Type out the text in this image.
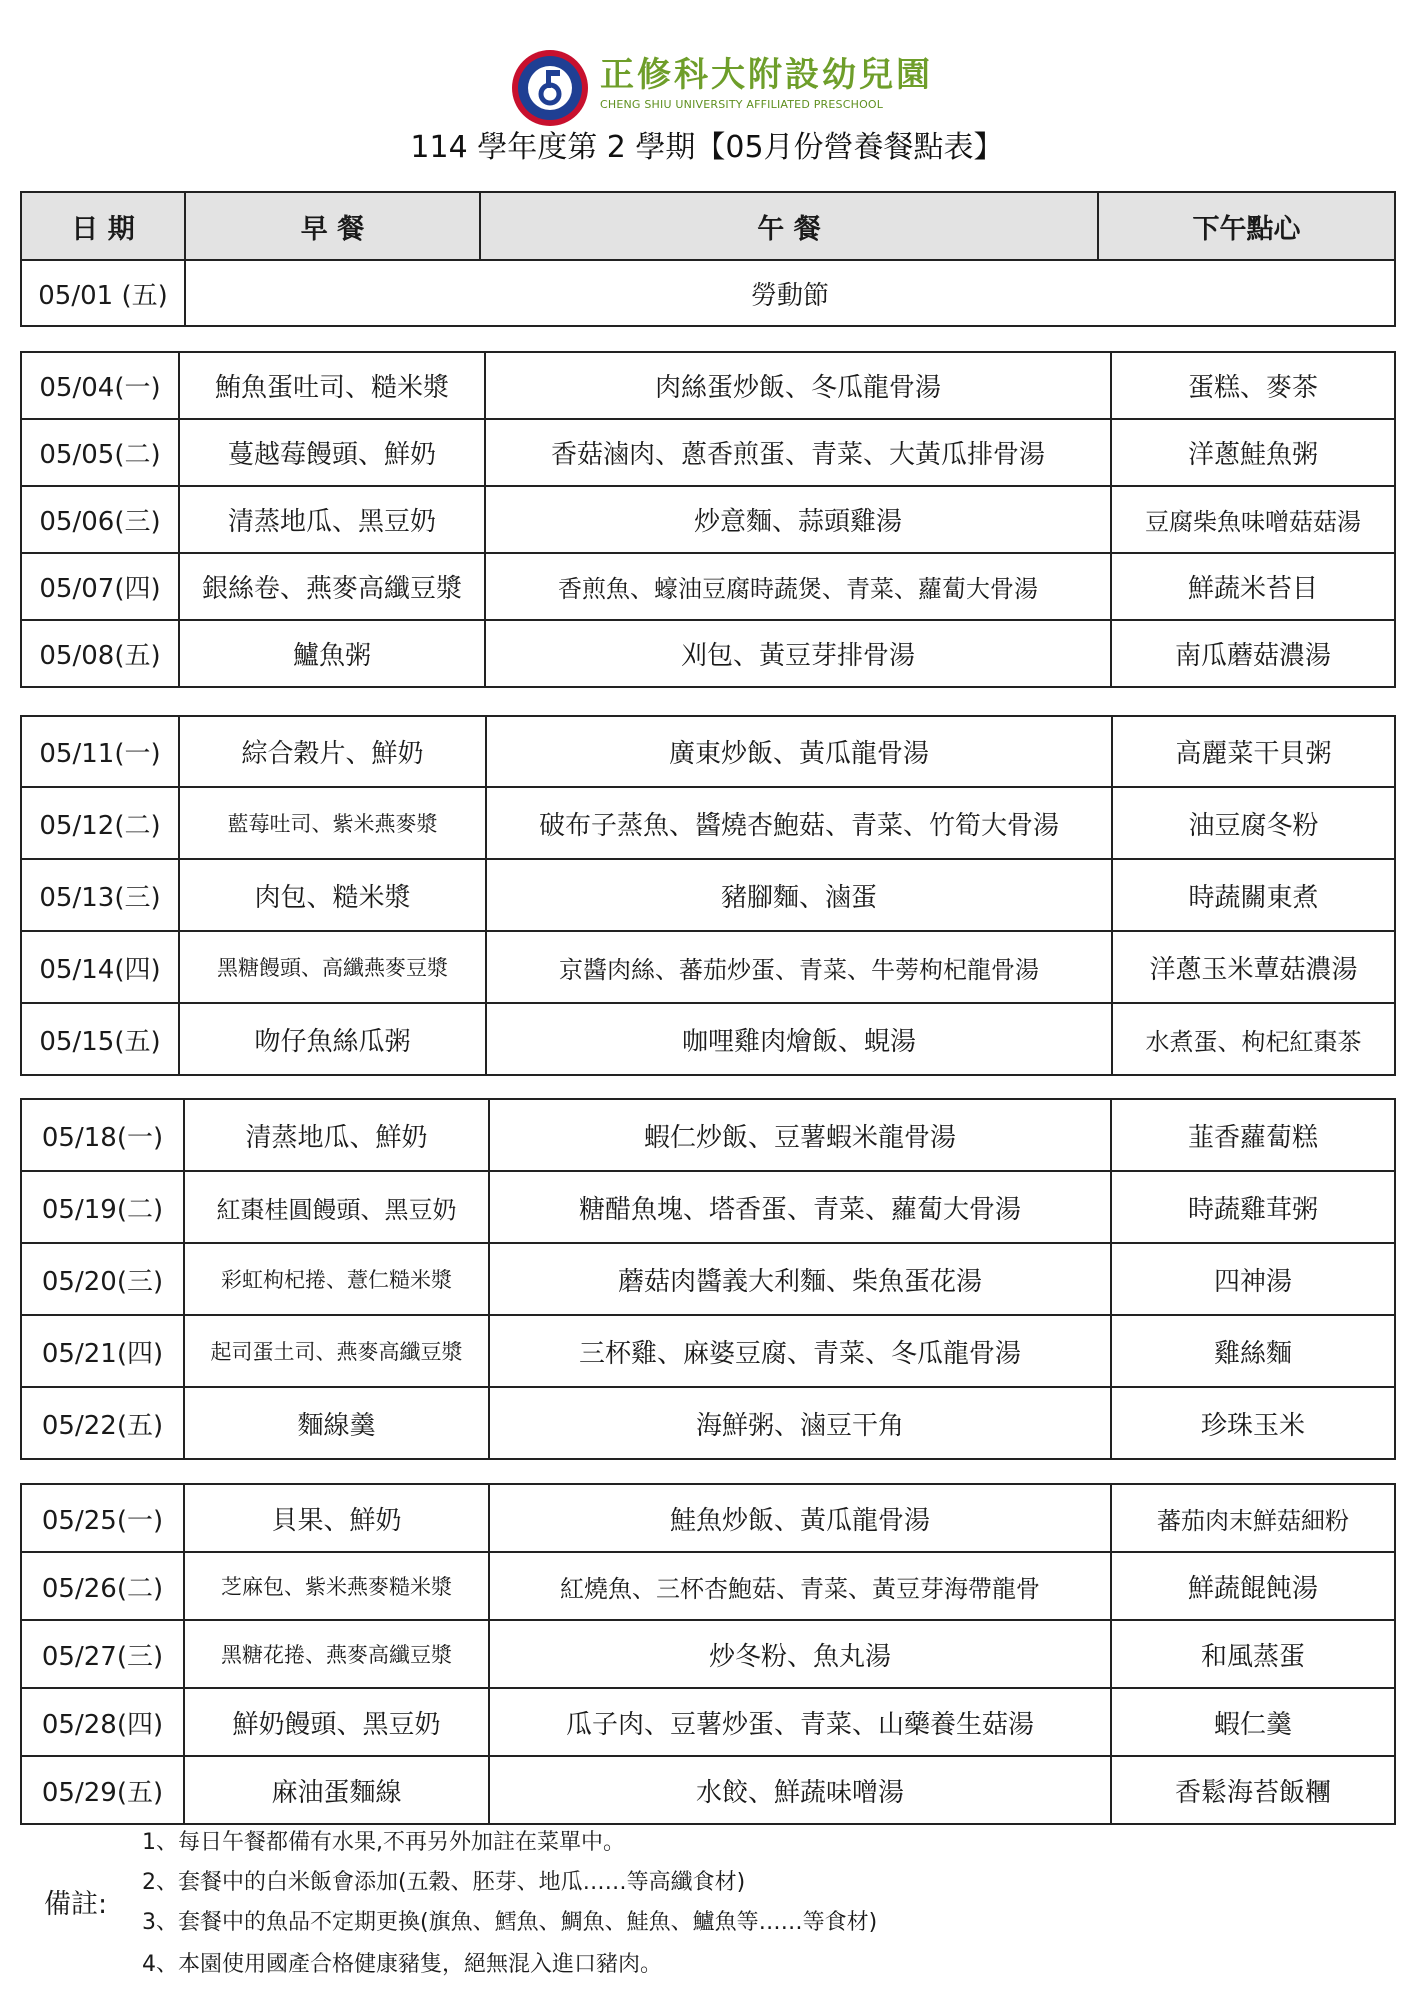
正修科大附設幼兒園
CHENG SHIU UNIVERSITY AFFILIATED PRESCHOOL
114 學年度第 2 學期【05月份營養餐點表】
日 期	早 餐	午 餐	下午點心
05/01 (五)	勞動節		
05/04(一)	鮪魚蛋吐司、糙米漿	肉絲蛋炒飯、冬瓜龍骨湯	蛋糕、麥茶
05/05(二)	蔓越莓饅頭、鮮奶	香菇滷肉、蔥香煎蛋、青菜、大黃瓜排骨湯	洋蔥鮭魚粥
05/06(三)	清蒸地瓜、黑豆奶	炒意麵、蒜頭雞湯	豆腐柴魚味噌菇菇湯
05/07(四)	銀絲卷、燕麥高纖豆漿	香煎魚、蠔油豆腐時蔬煲、青菜、蘿蔔大骨湯	鮮蔬米苔目
05/08(五)	鱸魚粥	刈包、黃豆芽排骨湯	南瓜蘑菇濃湯
05/11(一)	綜合穀片、鮮奶	廣東炒飯、黃瓜龍骨湯	高麗菜干貝粥
05/12(二)	藍莓吐司、紫米燕麥漿	破布子蒸魚、醬燒杏鮑菇、青菜、竹筍大骨湯	油豆腐冬粉
05/13(三)	肉包、糙米漿	豬腳麵、滷蛋	時蔬關東煮
05/14(四)	黑糖饅頭、高纖燕麥豆漿	京醬肉絲、蕃茄炒蛋、青菜、牛蒡枸杞龍骨湯	洋蔥玉米蕈菇濃湯
05/15(五)	吻仔魚絲瓜粥	咖哩雞肉燴飯、蜆湯	水煮蛋、枸杞紅棗茶
05/18(一)	清蒸地瓜、鮮奶	蝦仁炒飯、豆薯蝦米龍骨湯	韮香蘿蔔糕
05/19(二)	紅棗桂圓饅頭、黑豆奶	糖醋魚塊、塔香蛋、青菜、蘿蔔大骨湯	時蔬雞茸粥
05/20(三)	彩虹枸杞捲、薏仁糙米漿	蘑菇肉醬義大利麵、柴魚蛋花湯	四神湯
05/21(四)	起司蛋土司、燕麥高纖豆漿	三杯雞、麻婆豆腐、青菜、冬瓜龍骨湯	雞絲麵
05/22(五)	麵線羹	海鮮粥、滷豆干角	珍珠玉米
05/25(一)	貝果、鮮奶	鮭魚炒飯、黃瓜龍骨湯	蕃茄肉末鮮菇細粉
05/26(二)	芝麻包、紫米燕麥糙米漿	紅燒魚、三杯杏鮑菇、青菜、黃豆芽海帶龍骨	鮮蔬餛飩湯
05/27(三)	黑糖花捲、燕麥高纖豆漿	炒冬粉、魚丸湯	和風蒸蛋
05/28(四)	鮮奶饅頭、黑豆奶	瓜子肉、豆薯炒蛋、青菜、山藥養生菇湯	蝦仁羹
05/29(五)	麻油蛋麵線	水餃、鮮蔬味噌湯	香鬆海苔飯糰
備註:
1、每日午餐都備有水果,不再另外加註在菜單中。
2、套餐中的白米飯會添加(五穀、胚芽、地瓜……等高纖食材)
3、套餐中的魚品不定期更換(旗魚、鱈魚、鯛魚、鮭魚、鱸魚等……等食材)
4、本園使用國產合格健康豬隻，絕無混入進口豬肉。
